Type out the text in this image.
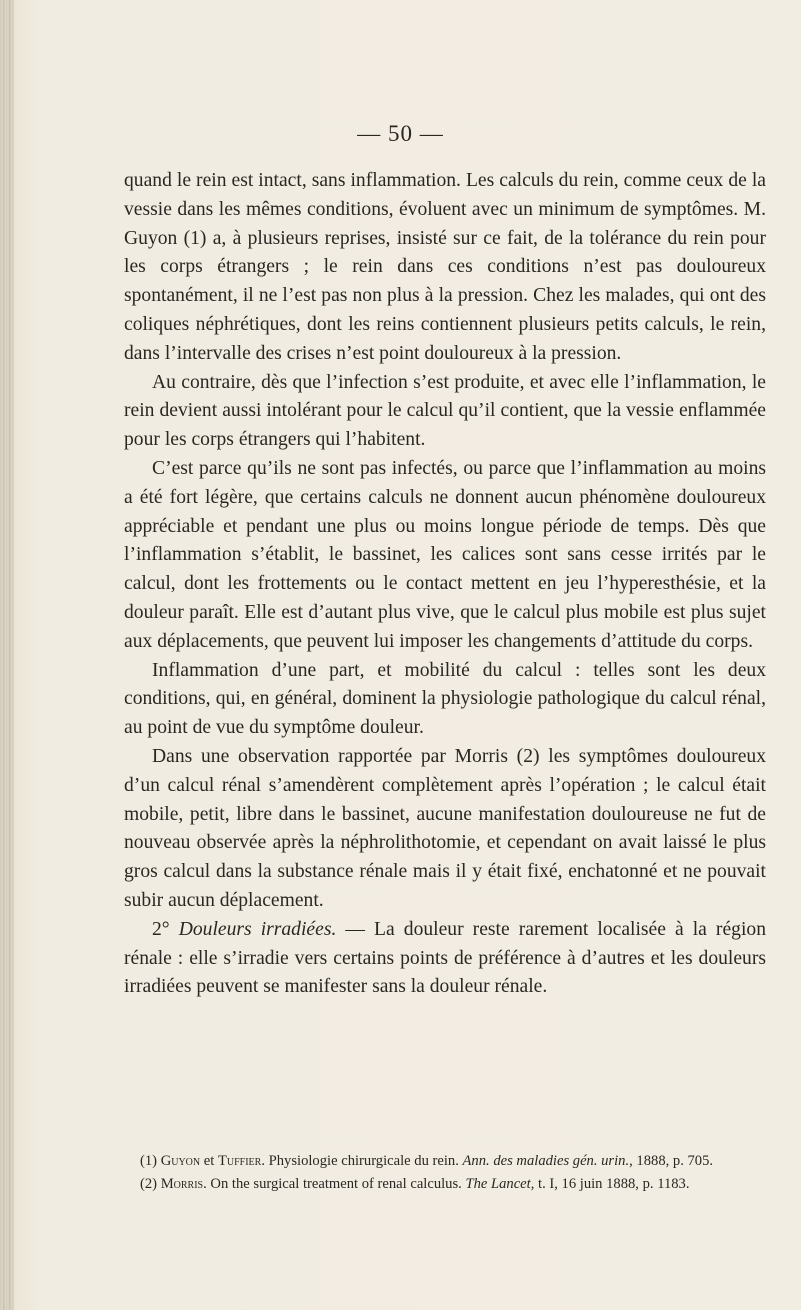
— 50 —

quand le rein est intact, sans inflammation. Les calculs du rein, comme ceux de la vessie dans les mêmes conditions, évoluent avec un minimum de symptômes. M. Guyon (1) a, à plusieurs reprises, insisté sur ce fait, de la tolérance du rein pour les corps étrangers ; le rein dans ces conditions n’est pas douloureux spontanément, il ne l’est pas non plus à la pression. Chez les malades, qui ont des coliques néphrétiques, dont les reins contiennent plusieurs petits calculs, le rein, dans l’intervalle des crises n’est point douloureux à la pression.

Au contraire, dès que l’infection s’est produite, et avec elle l’inflammation, le rein devient aussi intolérant pour le calcul qu’il contient, que la vessie enflammée pour les corps étrangers qui l’habitent.

C’est parce qu’ils ne sont pas infectés, ou parce que l’inflammation au moins a été fort légère, que certains calculs ne donnent aucun phénomène douloureux appréciable et pendant une plus ou moins longue période de temps. Dès que l’inflammation s’établit, le bassinet, les calices sont sans cesse irrités par le calcul, dont les frottements ou le contact mettent en jeu l’hyperesthésie, et la douleur paraît. Elle est d’autant plus vive, que le calcul plus mobile est plus sujet aux déplacements, que peuvent lui imposer les changements d’attitude du corps.

Inflammation d’une part, et mobilité du calcul : telles sont les deux conditions, qui, en général, dominent la physiologie pathologique du calcul rénal, au point de vue du symptôme douleur.

Dans une observation rapportée par Morris (2) les symptômes douloureux d’un calcul rénal s’amendèrent complètement après l’opération ; le calcul était mobile, petit, libre dans le bassinet, aucune manifestation douloureuse ne fut de nouveau observée après la néphrolithotomie, et cependant on avait laissé le plus gros calcul dans la substance rénale mais il y était fixé, enchatonné et ne pouvait subir aucun déplacement.

2° Douleurs irradiées. — La douleur reste rarement localisée à la région rénale : elle s’irradie vers certains points de préférence à d’autres et les douleurs irradiées peuvent se manifester sans la douleur rénale.

(1) Guyon et Tuffier. Physiologie chirurgicale du rein. Ann. des maladies gén. urin., 1888, p. 705.

(2) Morris. On the surgical treatment of renal calculus. The Lancet, t. I, 16 juin 1888, p. 1183.
